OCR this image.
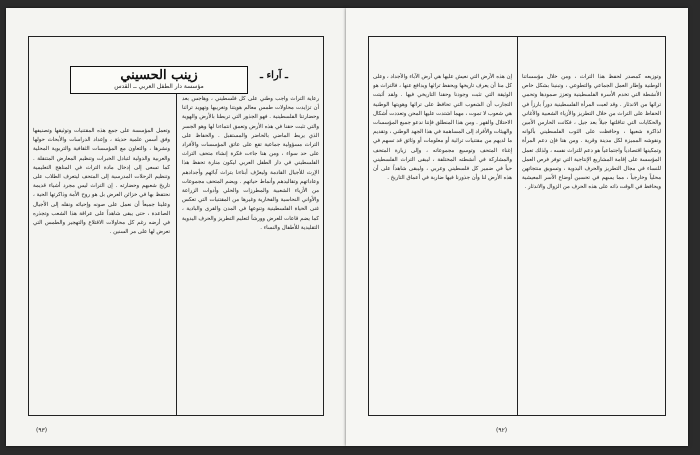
رعاية التراث واجب وطني على كل فلسطيني ، وهاجس بعد أن تزايدت محاولات طمس معالم هويتنا وتغريبها وتهويد تراثنا وحضارتنا الفلسطينية . فهو الجذور التي تربطنا بالأرض والهوية والتي تثبت حقنا في هذه الأرض وتعمق انتماءنا لها وهو الجسر الذي يربط الماضي بالحاضر والمستقبل . والحفاظ على التراث مسؤولية جماعية تقع على عاتق المؤسسات والأفراد على حد سواء ، ومن هنا جاءت فكرة إنشاء متحف التراث الفلسطيني في دار الطفل العربي ليكون منارة تحفظ هذا الإرث للأجيال القادمة وليعرّف أبناءنا بتراث آبائهم وأجدادهم وعاداتهم وتقاليدهم وأنماط حياتهم . ويضم المتحف مجموعات من الأزياء الشعبية والمطرزات والحلي وأدوات الزراعة والأواني النحاسية والفخارية وغيرها من المقتنيات التي تعكس غنى الحياة الفلسطينية وتنوعها في المدن والقرى والبادية ، كما يضم قاعات للعرض وورشاً لتعليم التطريز والحرف اليدوية التقليدية للأطفال والنساء .

وتعمل المؤسسة على جمع هذه المقتنيات وتوثيقها وتصنيفها وفق أسس علمية حديثة ، وإعداد الدراسات والأبحاث حولها ونشرها ، والتعاون مع المؤسسات الثقافية والتربوية المحلية والعربية والدولية لتبادل الخبرات وتنظيم المعارض المتنقلة . كما تسعى إلى إدخال مادة التراث في المناهج التعليمية وتنظيم الرحلات المدرسية إلى المتحف ليتعرف الطلاب على تاريخ شعبهم وحضارته . إن التراث ليس مجرد أشياء قديمة نحتفظ بها في خزائن العرض بل هو روح الأمة وذاكرتها الحية ، وعلينا جميعاً أن نعمل على صونه وإحيائه ونقله إلى الأجيال الصاعدة ، حتى يبقى شاهداً على عراقة هذا الشعب وتجذره في أرضه رغم كل محاولات الاقتلاع والتهجير والطمس التي تعرض لها على مر السنين .

زينب الحسيني
مؤسسة دار الطفل العربي ــ القدس
ـ آراء ـ
(٩٣)

وتوزيعه كمصدر لحفظ هذا التراث ، ومن خلال مؤسساتنا الوطنية وإطار العمل الجماعي والتطوعي ، وتبنينا بشكل خاص الأنشطة التي تخدم الأسرة الفلسطينية وتعزز صمودها وتحمي تراثها من الاندثار . وقد لعبت المرأة الفلسطينية دوراً بارزاً في الحفاظ على التراث من خلال التطريز والأزياء الشعبية والأغاني والحكايات التي تناقلتها جيلاً بعد جيل ، فكانت الحارس الأمين لذاكرة شعبها ، وحافظت على الثوب الفلسطيني بألوانه ونقوشه المميزة لكل مدينة وقرية . ومن هنا فإن دعم المرأة وتمكينها اقتصادياً واجتماعياً هو دعم للتراث نفسه ، ولذلك تعمل المؤسسة على إقامة المشاريع الإنتاجية التي توفر فرص العمل للنساء في مجال التطريز والحرف اليدوية ، وتسويق منتجاتهن محلياً وخارجياً ، مما يسهم في تحسين أوضاع الأسر المعيشية ويحافظ في الوقت ذاته على هذه الحرف من الزوال والاندثار .

إن هذه الأرض التي نعيش عليها هي أرض الآباء والأجداد ، وعلى كل منا أن يعرف تاريخها ويحفظ تراثها ويدافع عنها ، فالتراث هو الوثيقة التي تثبت وجودنا وحقنا التاريخي فيها . ولقد أثبتت التجارب أن الشعوب التي تحافظ على تراثها وهويتها الوطنية هي شعوب لا تموت ، مهما اشتدت عليها المحن وتعددت أشكال الاحتلال والقهر . ومن هذا المنطلق فإننا ندعو جميع المؤسسات والهيئات والأفراد إلى المساهمة في هذا الجهد الوطني ، وتقديم ما لديهم من مقتنيات تراثية أو معلومات أو وثائق قد تسهم في إغناء المتحف وتوسيع مجموعاته ، وإلى زيارة المتحف والمشاركة في أنشطته المختلفة ، ليبقى التراث الفلسطيني حياً في ضمير كل فلسطيني وعربي ، وليبقى شاهداً على أن هذه الأرض لنا وأن جذورنا فيها ضاربة في أعماق التاريخ .

(٩٢)
